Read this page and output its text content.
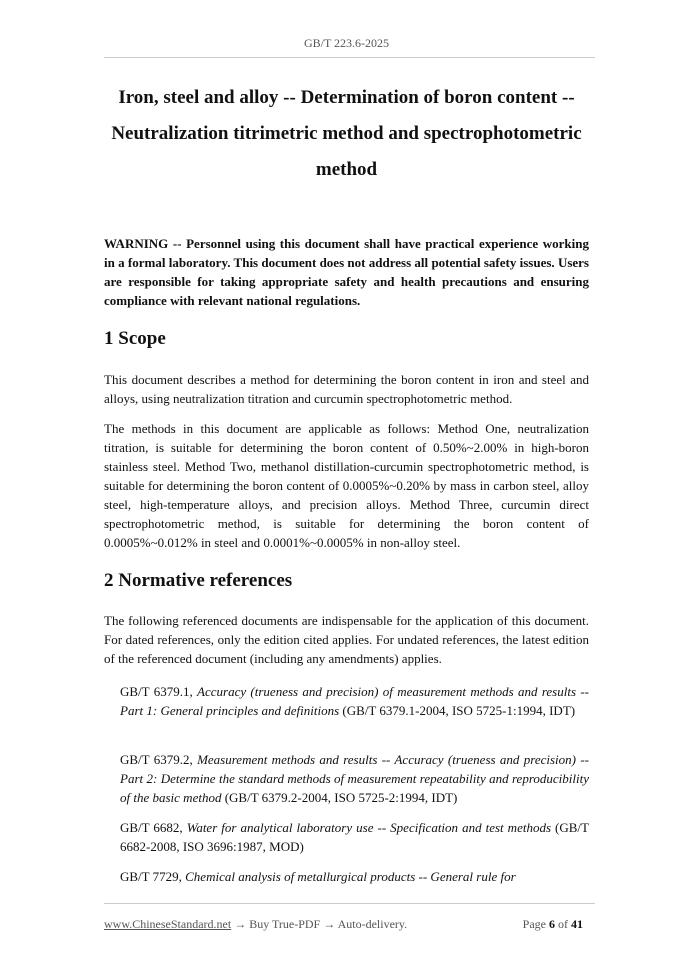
GB/T 223.6-2025
Iron, steel and alloy -- Determination of boron content --
Neutralization titrimetric method and spectrophotometric
method

WARNING -- Personnel using this document shall have practical experience working in a formal laboratory. This document does not address all potential safety issues. Users are responsible for taking appropriate safety and health precautions and ensuring compliance with relevant national regulations.

1 Scope

This document describes a method for determining the boron content in iron and steel and alloys, using neutralization titration and curcumin spectrophotometric method.

The methods in this document are applicable as follows: Method One, neutralization titration, is suitable for determining the boron content of 0.50%~2.00% in high-boron stainless steel. Method Two, methanol distillation-curcumin spectrophotometric method, is suitable for determining the boron content of 0.0005%~0.20% by mass in carbon steel, alloy steel, high-temperature alloys, and precision alloys. Method Three, curcumin direct spectrophotometric method, is suitable for determining the boron content of 0.0005%~0.012% in steel and 0.0001%~0.0005% in non-alloy steel.

2 Normative references

The following referenced documents are indispensable for the application of this document. For dated references, only the edition cited applies. For undated references, the latest edition of the referenced document (including any amendments) applies.

GB/T 6379.1, Accuracy (trueness and precision) of measurement methods and results -- Part 1: General principles and definitions (GB/T 6379.1-2004, ISO 5725-1:1994, IDT)

GB/T 6379.2, Measurement methods and results -- Accuracy (trueness and precision) -- Part 2: Determine the standard methods of measurement repeatability and reproducibility of the basic method (GB/T 6379.2-2004, ISO 5725-2:1994, IDT)

GB/T 6682, Water for analytical laboratory use -- Specification and test methods (GB/T 6682-2008, ISO 3696:1987, MOD)

GB/T 7729, Chemical analysis of metallurgical products -- General rule for

www.ChineseStandard.net → Buy True-PDF → Auto-delivery.	Page 6 of 41
